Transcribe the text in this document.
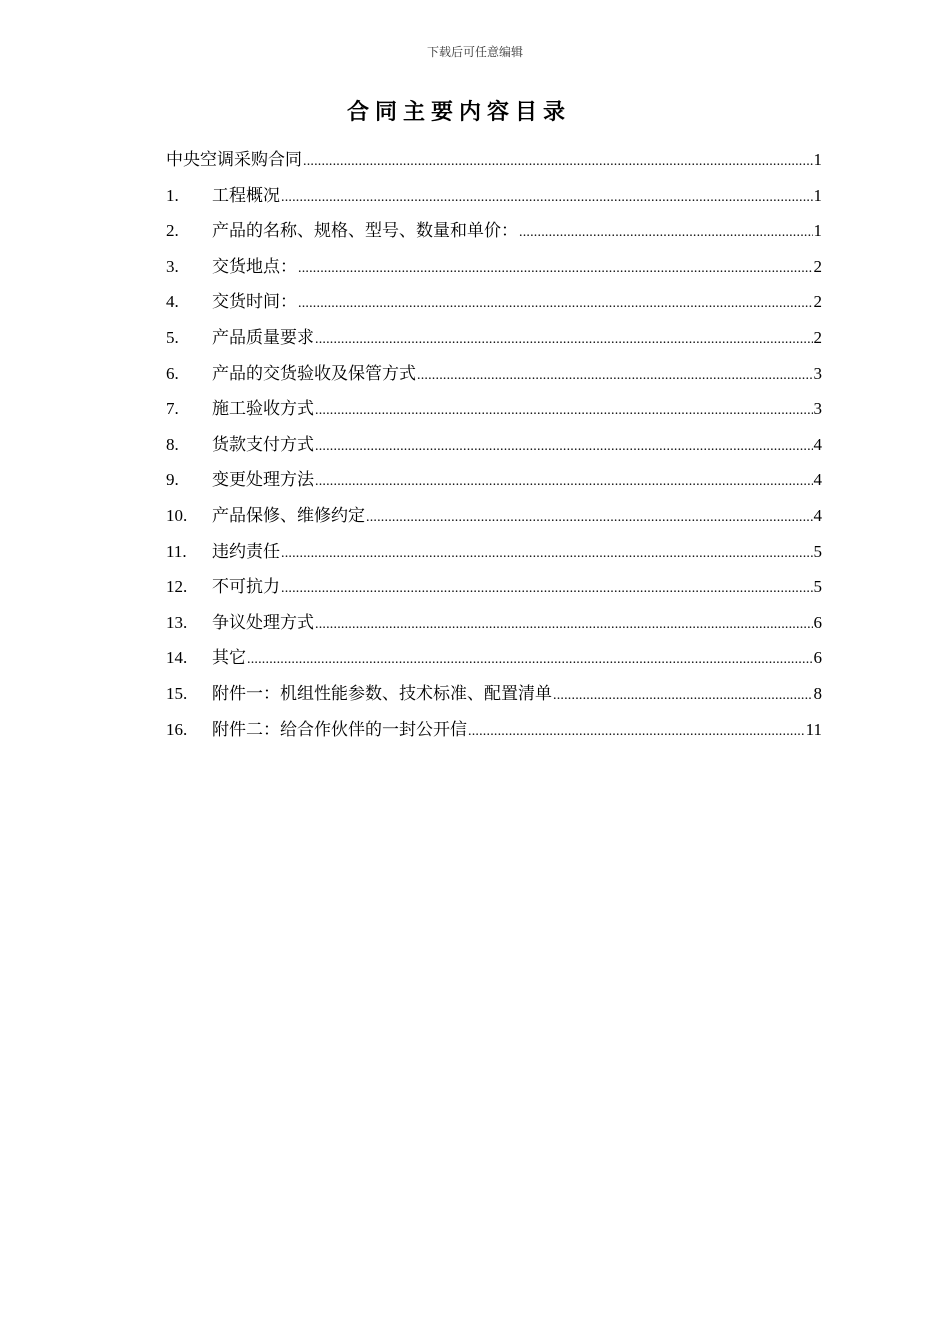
下载后可任意编辑
合同主要内容目录
中央空调采购合同 .....	1
1.	工程概况 .....	1
2.	产品的名称、规格、型号、数量和单价： .....	1
3.	交货地点： .....	2
4.	交货时间： .....	2
5.	产品质量要求 .....	2
6.	产品的交货验收及保管方式 .....	3
7.	施工验收方式 .....	3
8.	货款支付方式 .....	4
9.	变更处理方法 .....	4
10.	产品保修、维修约定 .....	4
11.	违约责任 .....	5
12.	不可抗力 .....	5
13.	争议处理方式 .....	6
14.	其它 .....	6
15.	附件一：机组性能参数、技术标准、配置清单 .....	8
16.	附件二：给合作伙伴的一封公开信 .....	11
